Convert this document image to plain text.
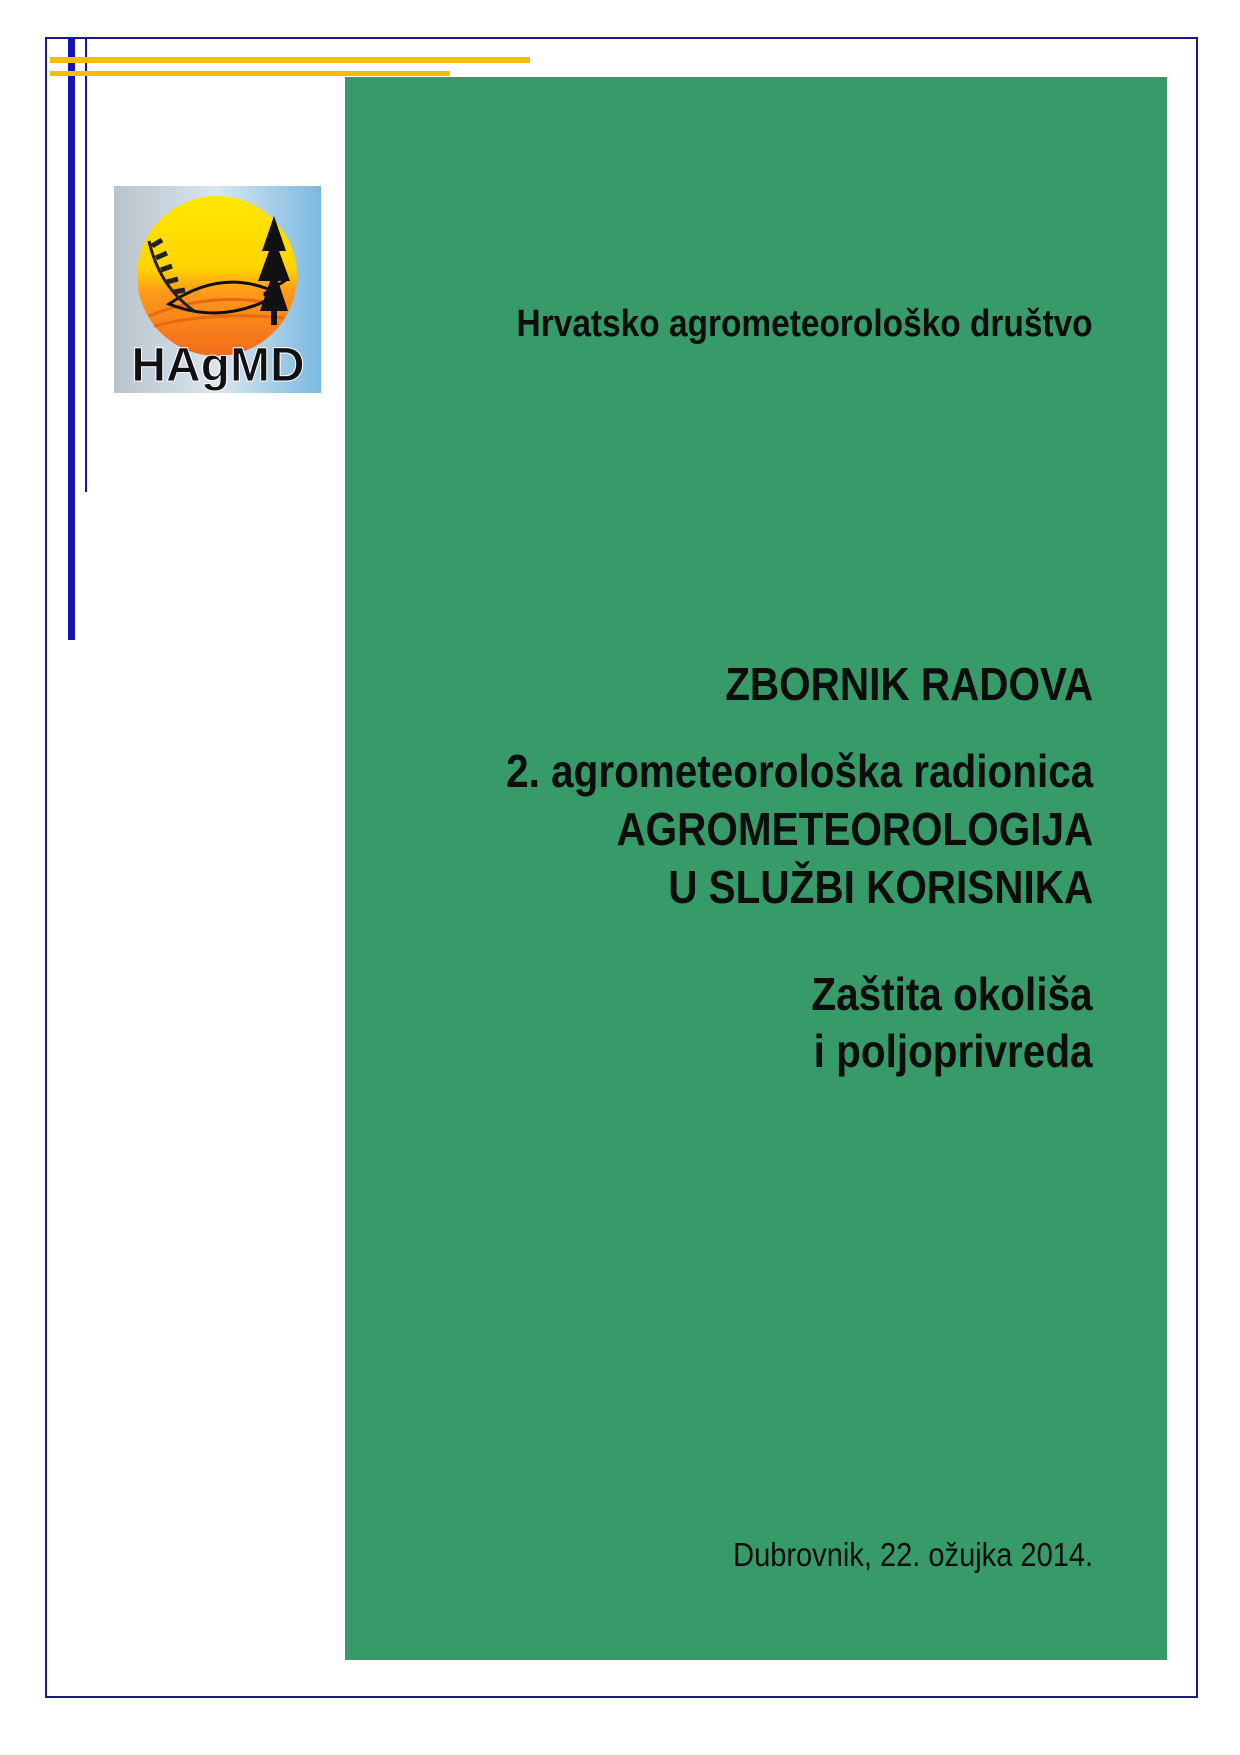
HAgMD
Hrvatsko agrometeorološko društvo
ZBORNIK RADOVA
2. agrometeorološka radionica
AGROMETEOROLOGIJA
U SLUŽBI KORISNIKA
Zaštita okoliša
i poljoprivreda
Dubrovnik, 22. ožujka 2014.
